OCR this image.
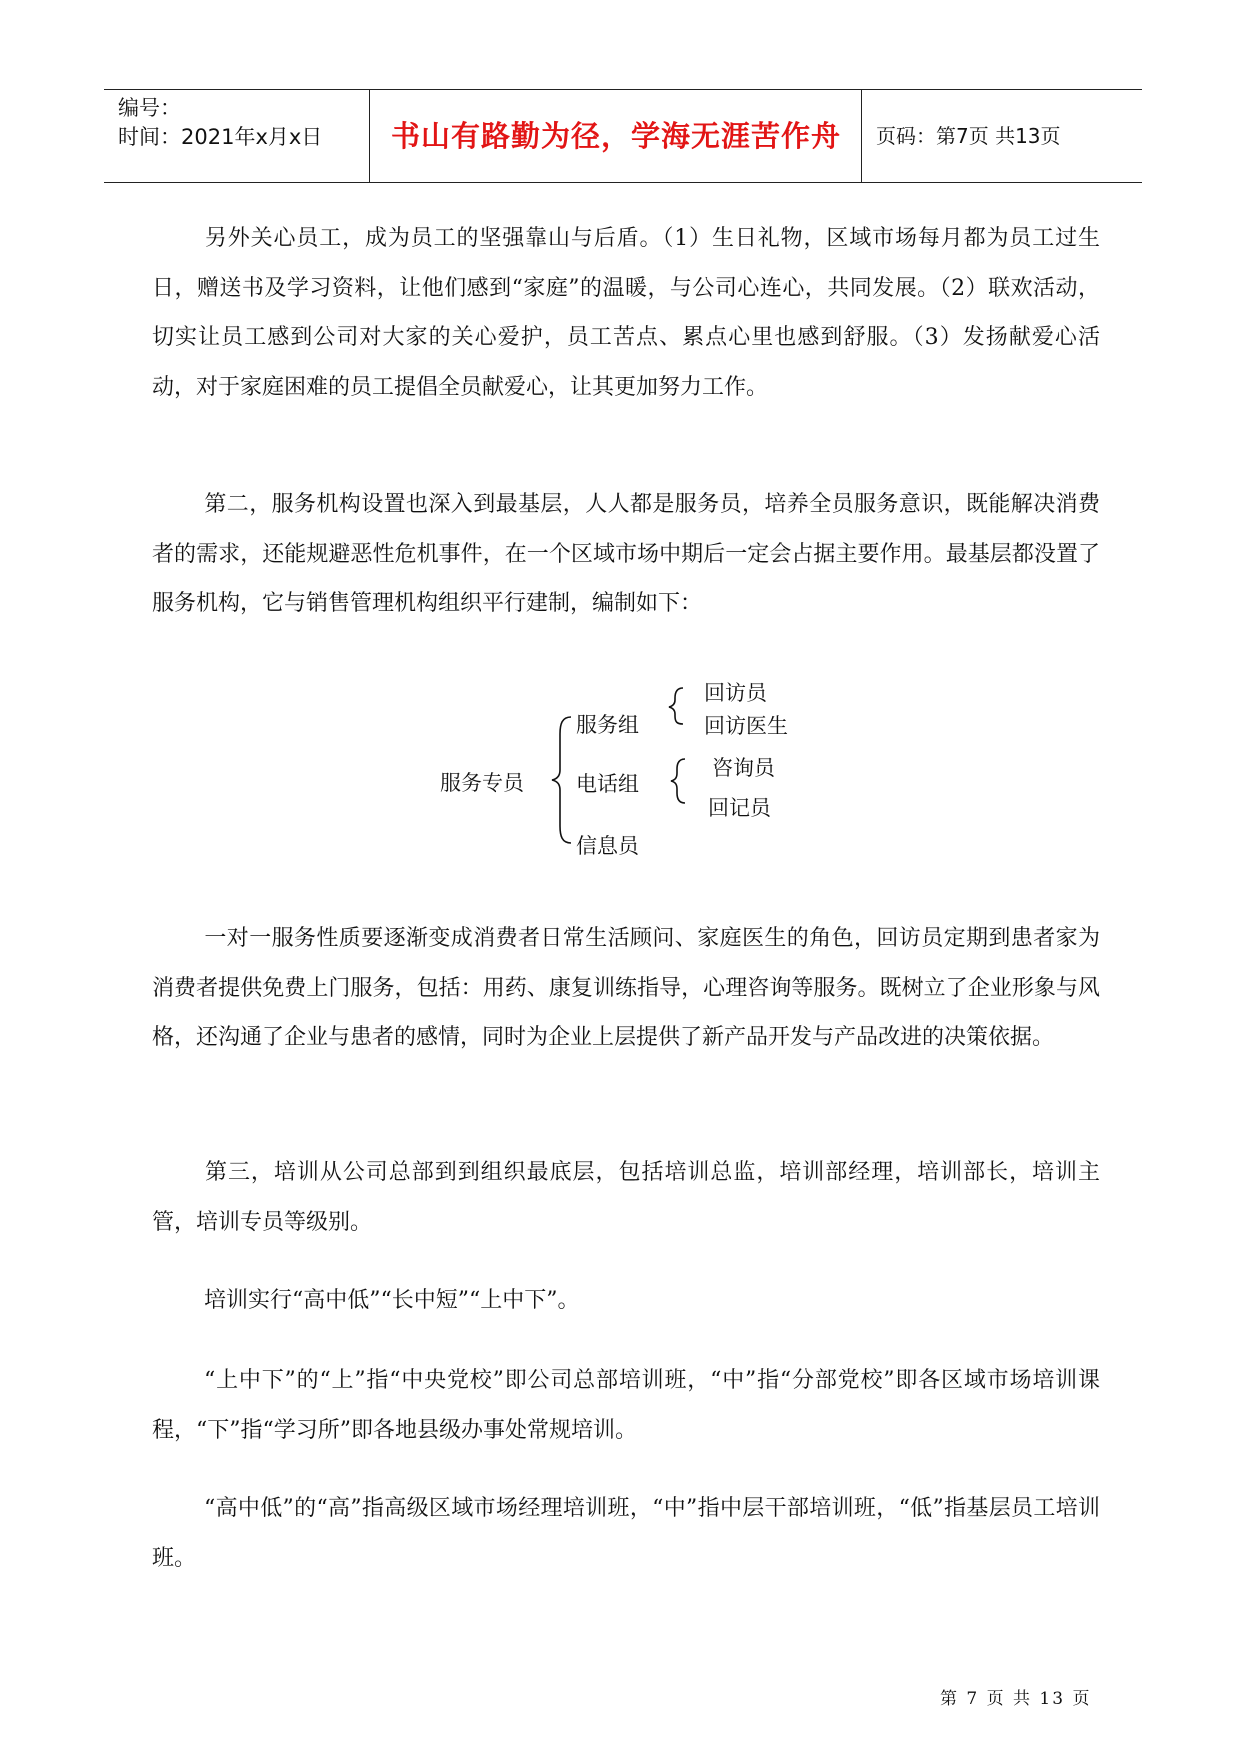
编号：
时间：2021年x月x日	书山有路勤为径，学海无涯苦作舟	页码：第7页 共13页

另外关心员工，成为员工的坚强靠山与后盾。（1）生日礼物，区域市场每月都为员工过生日，赠送书及学习资料，让他们感到“家庭”的温暖，与公司心连心，共同发展。（2）联欢活动，切实让员工感到公司对大家的关心爱护，员工苦点、累点心里也感到舒服。（3）发扬献爱心活动，对于家庭困难的员工提倡全员献爱心，让其更加努力工作。

第二，服务机构设置也深入到最基层，人人都是服务员，培养全员服务意识，既能解决消费者的需求，还能规避恶性危机事件，在一个区域市场中期后一定会占据主要作用。最基层都没置了服务机构，它与销售管理机构组织平行建制，编制如下：

服务专员
服务组
电话组
信息员
回访员
回访医生
咨询员
回记员

一对一服务性质要逐渐变成消费者日常生活顾问、家庭医生的角色，回访员定期到患者家为消费者提供免费上门服务，包括：用药、康复训练指导，心理咨询等服务。既树立了企业形象与风格，还沟通了企业与患者的感情，同时为企业上层提供了新产品开发与产品改进的决策依据。

第三，培训从公司总部到到组织最底层，包括培训总监，培训部经理，培训部长，培训主管，培训专员等级别。

培训实行“高中低”“长中短”“上中下”。

“上中下”的“上”指“中央党校”即公司总部培训班，“中”指“分部党校”即各区域市场培训课程，“下”指“学习所”即各地县级办事处常规培训。

“高中低”的“高”指高级区域市场经理培训班，“中”指中层干部培训班，“低”指基层员工培训班。

第 7 页 共 13 页
